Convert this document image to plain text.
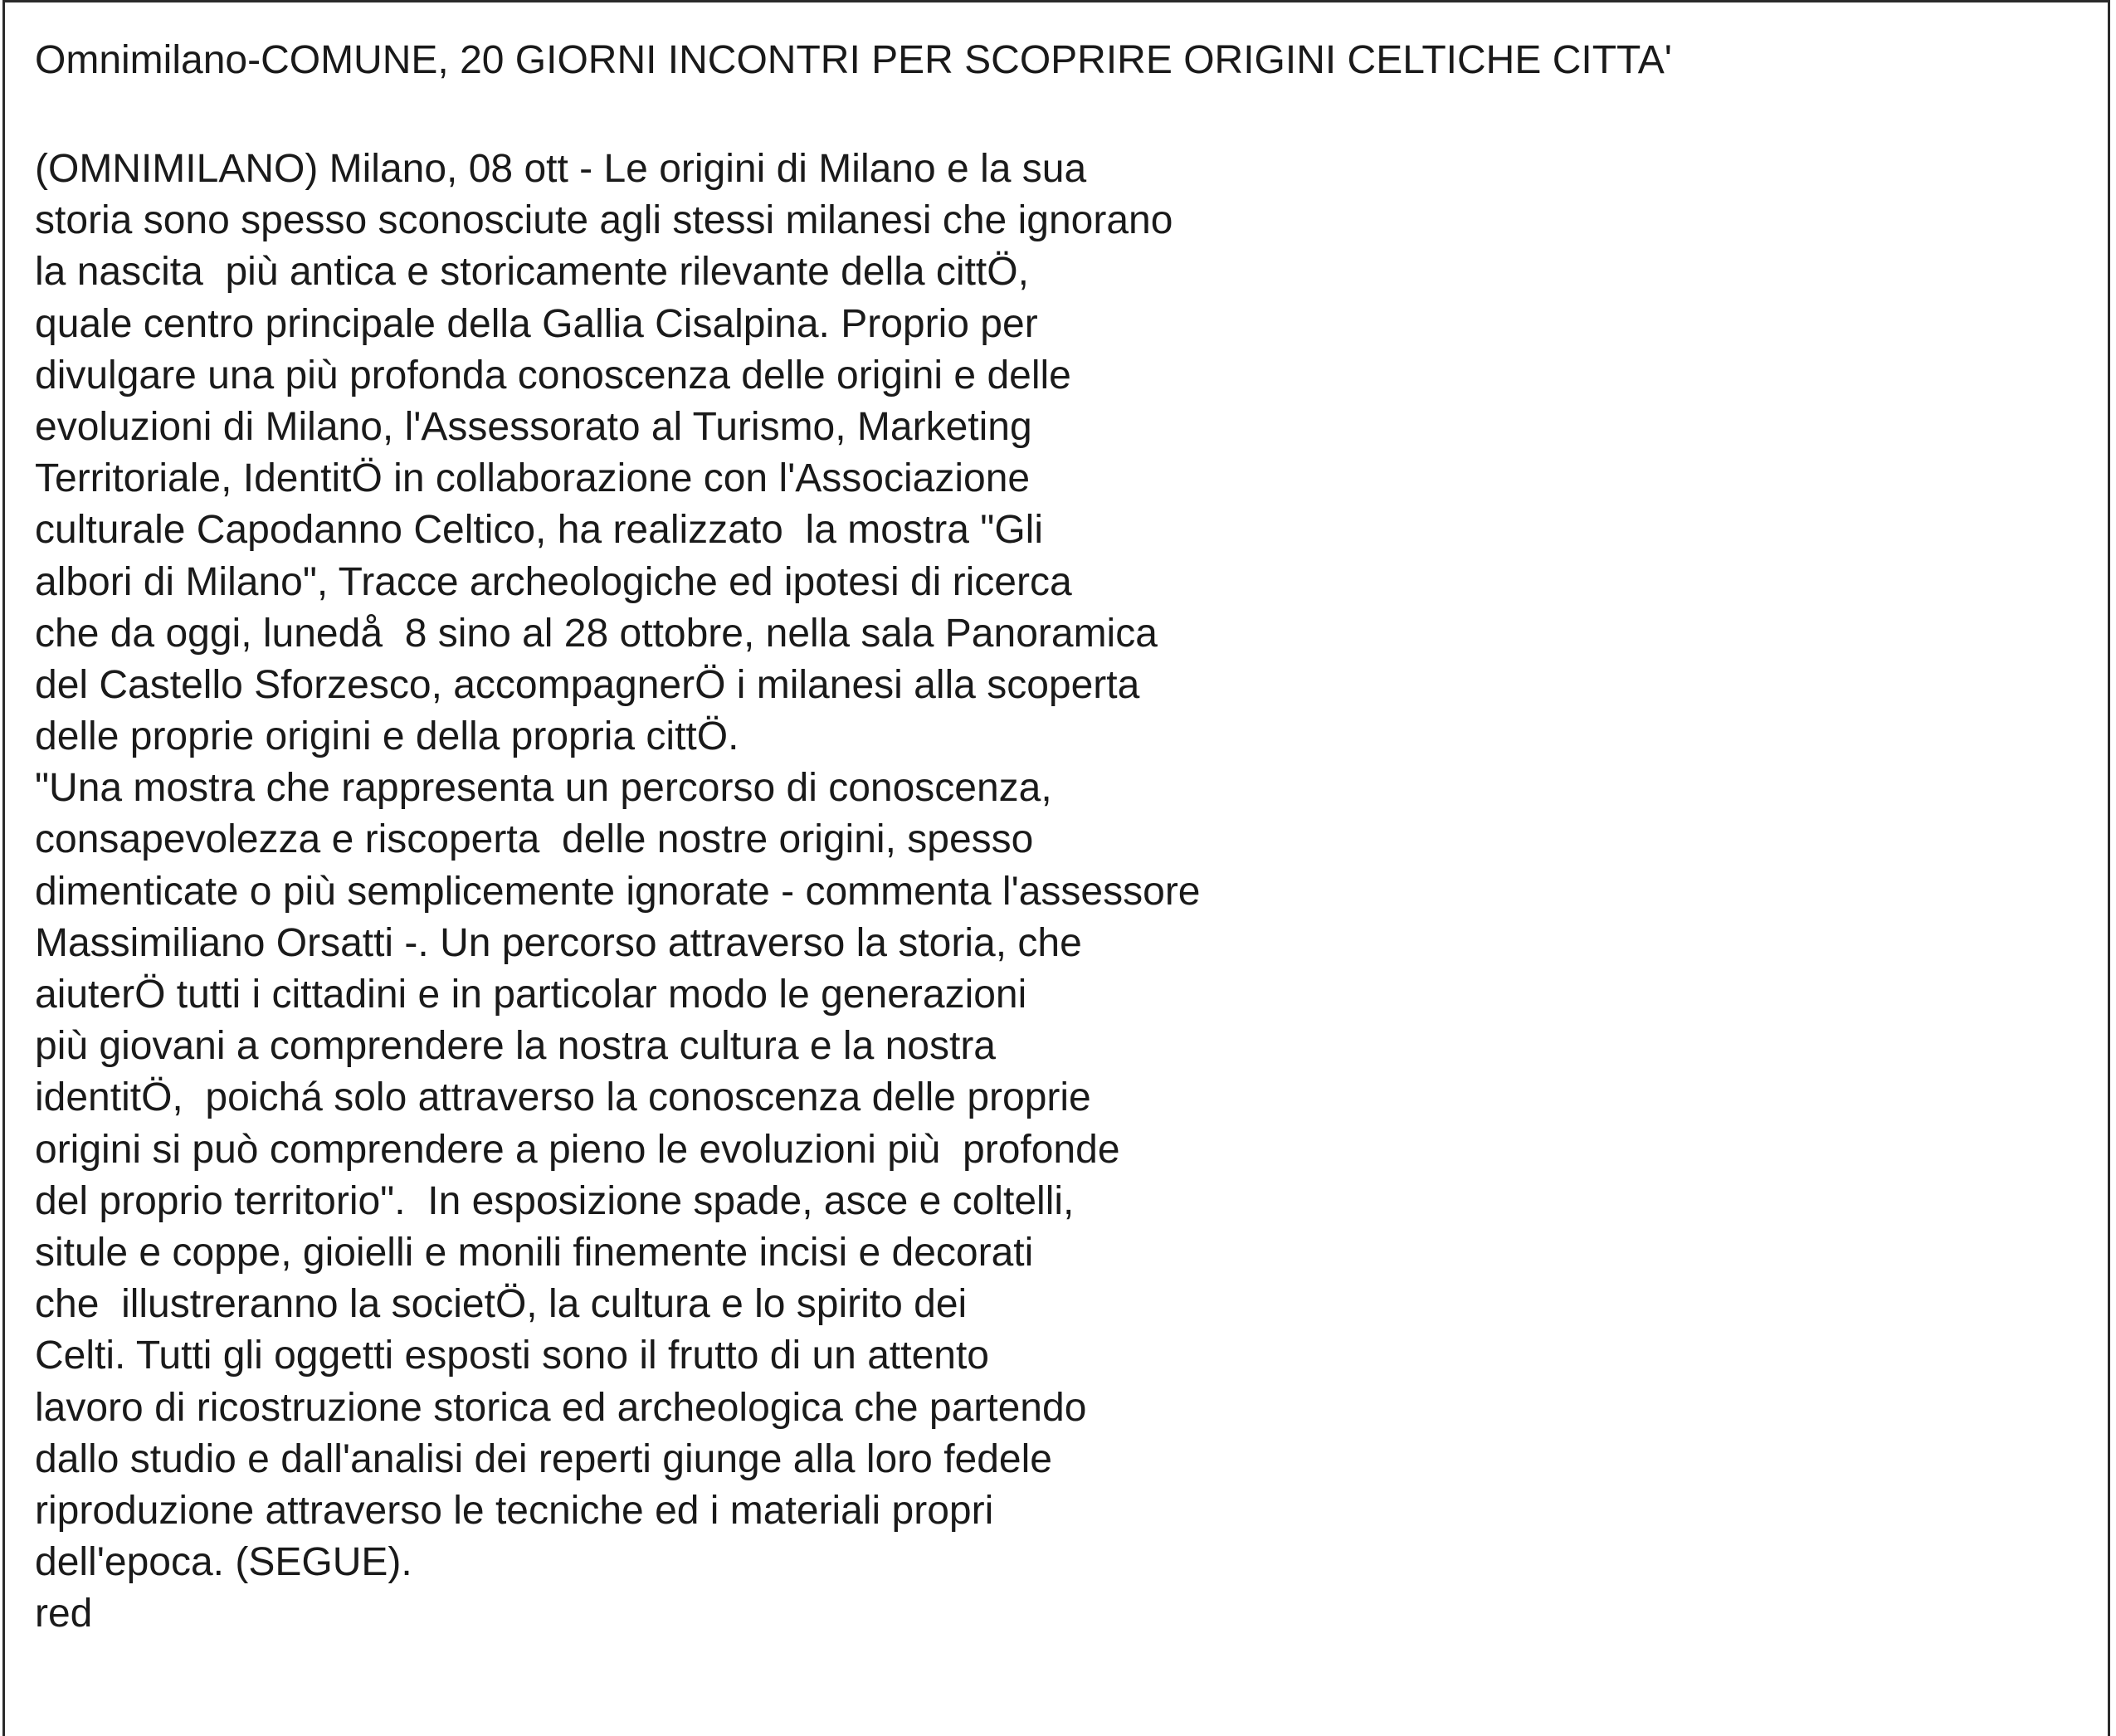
Omnimilano-COMUNE, 20 GIORNI INCONTRI PER SCOPRIRE ORIGINI CELTICHE CITTA'
(OMNIMILANO) Milano, 08 ott - Le origini di Milano e la sua
storia sono spesso sconosciute agli stessi milanesi che ignorano
la nascita  più antica e storicamente rilevante della cittÖ,
quale centro principale della Gallia Cisalpina. Proprio per
divulgare una più profonda conoscenza delle origini e delle
evoluzioni di Milano, l'Assessorato al Turismo, Marketing
Territoriale, IdentitÖ in collaborazione con l'Associazione
culturale Capodanno Celtico, ha realizzato  la mostra "Gli
albori di Milano", Tracce archeologiche ed ipotesi di ricerca
che da oggi, lunedå  8 sino al 28 ottobre, nella sala Panoramica
del Castello Sforzesco, accompagnerÖ i milanesi alla scoperta
delle proprie origini e della propria cittÖ.
"Una mostra che rappresenta un percorso di conoscenza,
consapevolezza e riscoperta  delle nostre origini, spesso
dimenticate o più semplicemente ignorate - commenta l'assessore
Massimiliano Orsatti -. Un percorso attraverso la storia, che
aiuterÖ tutti i cittadini e in particolar modo le generazioni
più giovani a comprendere la nostra cultura e la nostra
identitÖ,  poichá solo attraverso la conoscenza delle proprie
origini si può comprendere a pieno le evoluzioni più  profonde
del proprio territorio".  In esposizione spade, asce e coltelli,
situle e coppe, gioielli e monili finemente incisi e decorati
che  illustreranno la societÖ, la cultura e lo spirito dei
Celti. Tutti gli oggetti esposti sono il frutto di un attento
lavoro di ricostruzione storica ed archeologica che partendo
dallo studio e dall'analisi dei reperti giunge alla loro fedele
riproduzione attraverso le tecniche ed i materiali propri
dell'epoca. (SEGUE).
red
